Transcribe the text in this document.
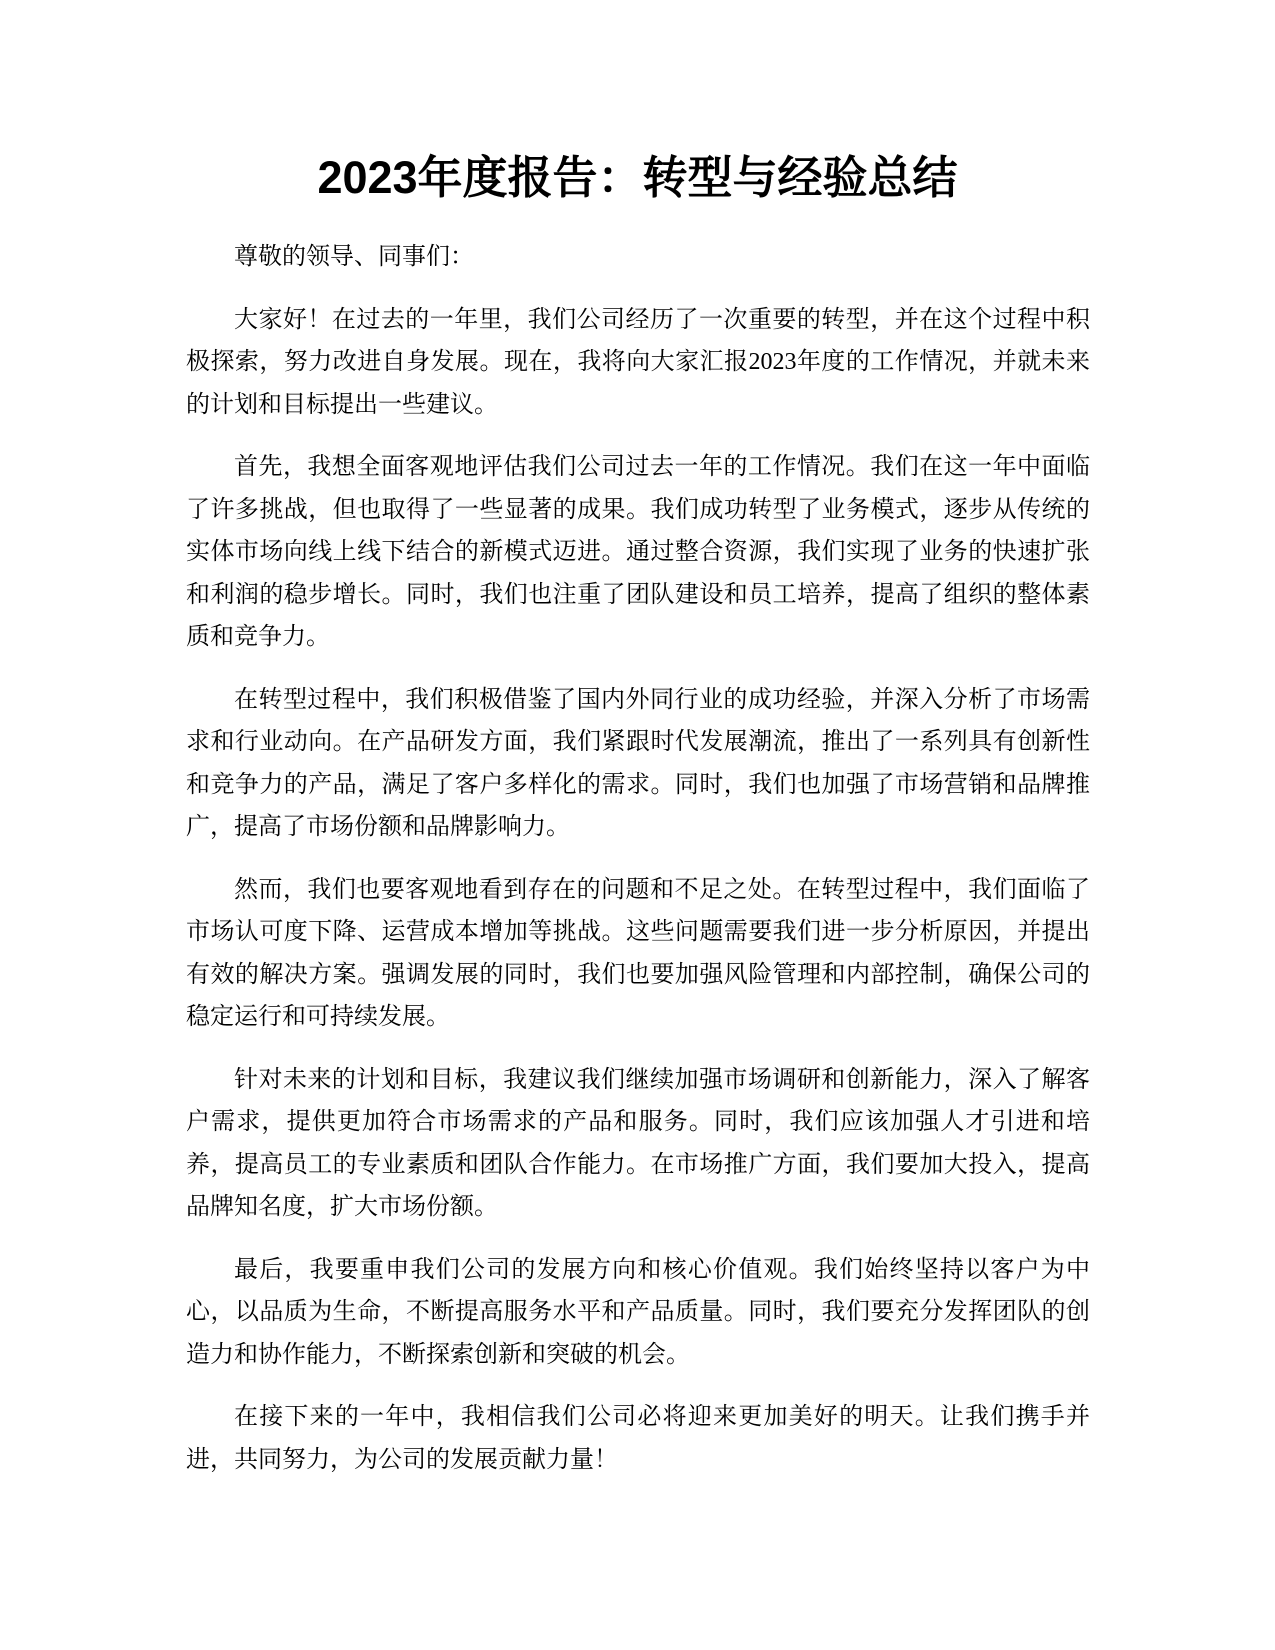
2023年度报告：转型与经验总结

尊敬的领导、同事们：

大家好！在过去的一年里，我们公司经历了一次重要的转型，并在这个过程中积极探索，努力改进自身发展。现在，我将向大家汇报2023年度的工作情况，并就未来的计划和目标提出一些建议。

首先，我想全面客观地评估我们公司过去一年的工作情况。我们在这一年中面临了许多挑战，但也取得了一些显著的成果。我们成功转型了业务模式，逐步从传统的实体市场向线上线下结合的新模式迈进。通过整合资源，我们实现了业务的快速扩张和利润的稳步增长。同时，我们也注重了团队建设和员工培养，提高了组织的整体素质和竞争力。

在转型过程中，我们积极借鉴了国内外同行业的成功经验，并深入分析了市场需求和行业动向。在产品研发方面，我们紧跟时代发展潮流，推出了一系列具有创新性和竞争力的产品，满足了客户多样化的需求。同时，我们也加强了市场营销和品牌推广，提高了市场份额和品牌影响力。

然而，我们也要客观地看到存在的问题和不足之处。在转型过程中，我们面临了市场认可度下降、运营成本增加等挑战。这些问题需要我们进一步分析原因，并提出有效的解决方案。强调发展的同时，我们也要加强风险管理和内部控制，确保公司的稳定运行和可持续发展。

针对未来的计划和目标，我建议我们继续加强市场调研和创新能力，深入了解客户需求，提供更加符合市场需求的产品和服务。同时，我们应该加强人才引进和培养，提高员工的专业素质和团队合作能力。在市场推广方面，我们要加大投入，提高品牌知名度，扩大市场份额。

最后，我要重申我们公司的发展方向和核心价值观。我们始终坚持以客户为中心，以品质为生命，不断提高服务水平和产品质量。同时，我们要充分发挥团队的创造力和协作能力，不断探索创新和突破的机会。

在接下来的一年中，我相信我们公司必将迎来更加美好的明天。让我们携手并进，共同努力，为公司的发展贡献力量！
